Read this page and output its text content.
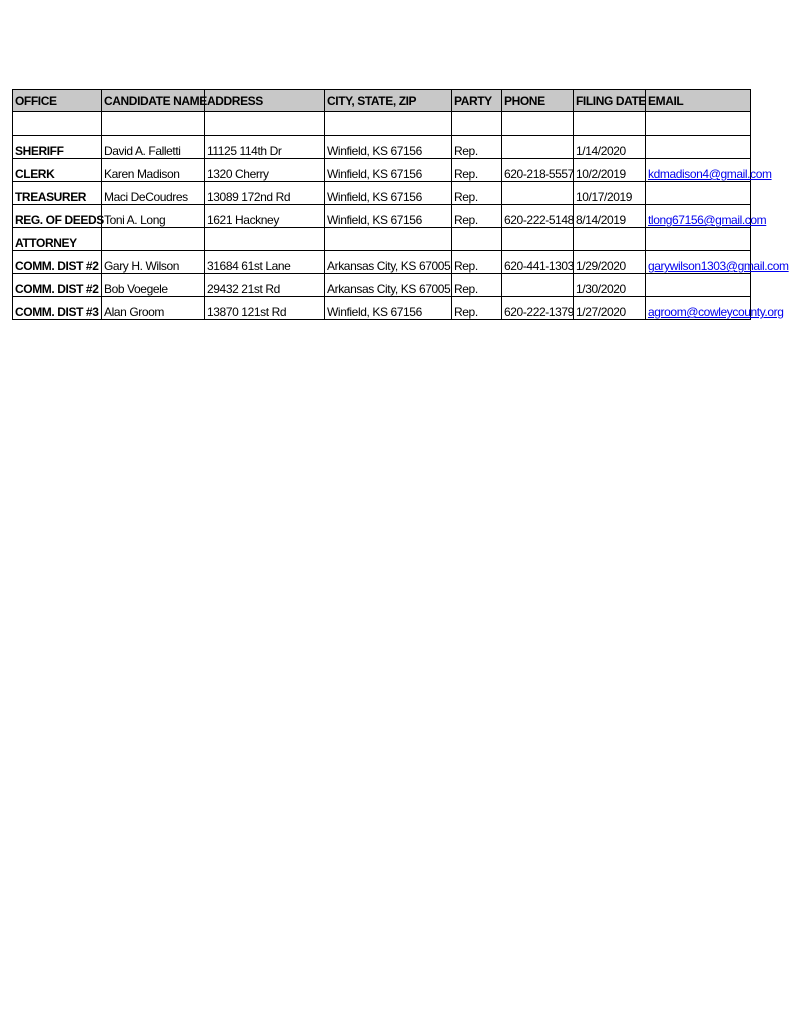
OFFICE	CANDIDATE NAME	ADDRESS	CITY, STATE, ZIP	PARTY	PHONE	FILING DATE	EMAIL

SHERIFF	David A. Falletti	11125 114th Dr	Winfield, KS 67156	Rep.		1/14/2020	
CLERK	Karen Madison	1320 Cherry	Winfield, KS 67156	Rep.	620-218-5557	10/2/2019	kdmadison4@gmail.com
TREASURER	Maci DeCoudres	13089 172nd Rd	Winfield, KS 67156	Rep.		10/17/2019	
REG. OF DEEDS	Toni A. Long	1621 Hackney	Winfield, KS 67156	Rep.	620-222-5148	8/14/2019	tlong67156@gmail.com
ATTORNEY							
COMM. DIST #2	Gary H. Wilson	31684 61st Lane	Arkansas City, KS 67005	Rep.	620-441-1303	1/29/2020	garywilson1303@gmail.com
COMM. DIST #2	Bob Voegele	29432 21st Rd	Arkansas City, KS 67005	Rep.		1/30/2020	
COMM. DIST #3	Alan Groom	13870 121st Rd	Winfield, KS 67156	Rep.	620-222-1379	1/27/2020	agroom@cowleycounty.org
